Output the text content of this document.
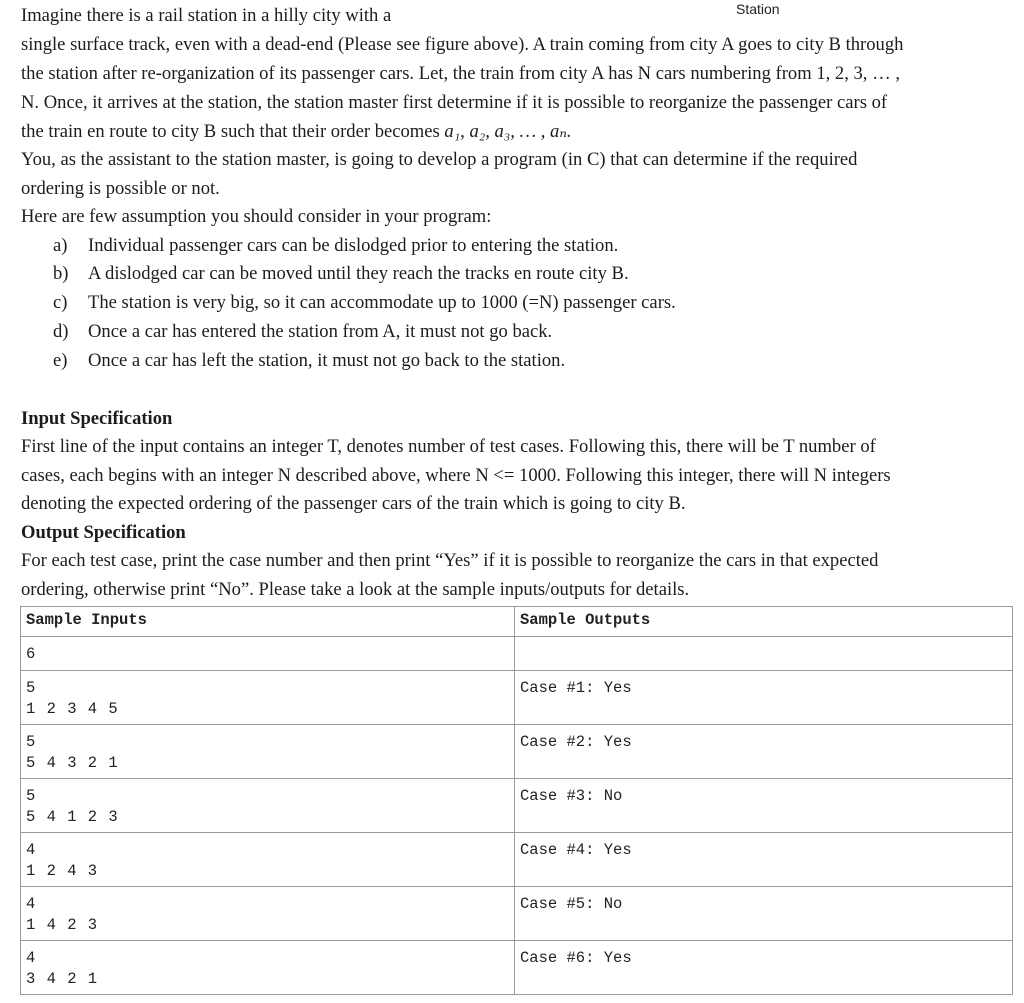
Station
Imagine there is a rail station in a hilly city with a
single surface track, even with a dead-end (Please see figure above). A train coming from city A goes to city B through
the station after re-organization of its passenger cars. Let, the train from city A has N cars numbering from 1, 2, 3, … ,
N. Once, it arrives at the station, the station master first determine if it is possible to reorganize the passenger cars of
the train en route to city B such that their order becomes a₁, a₂, a₃, … , aₙ.
You, as the assistant to the station master, is going to develop a program (in C) that can determine if the required
ordering is possible or not.
Here are few assumption you should consider in your program:
a) Individual passenger cars can be dislodged prior to entering the station.
b) A dislodged car can be moved until they reach the tracks en route city B.
c) The station is very big, so it can accommodate up to 1000 (=N) passenger cars.
d) Once a car has entered the station from A, it must not go back.
e) Once a car has left the station, it must not go back to the station.
Input Specification
First line of the input contains an integer T, denotes number of test cases. Following this, there will be T number of
cases, each begins with an integer N described above, where N <= 1000. Following this integer, there will N integers
denoting the expected ordering of the passenger cars of the train which is going to city B.
Output Specification
For each test case, print the case number and then print “Yes” if it is possible to reorganize the cars in that expected
ordering, otherwise print “No”. Please take a look at the sample inputs/outputs for details.
Sample Inputs	Sample Outputs
6	

5
1 2 3 4 5	Case #1: Yes

5
5 4 3 2 1	Case #2: Yes

5
5 4 1 2 3	Case #3: No

4
1 2 4 3	Case #4: Yes

4
1 4 2 3	Case #5: No

4
3 4 2 1	Case #6: Yes
